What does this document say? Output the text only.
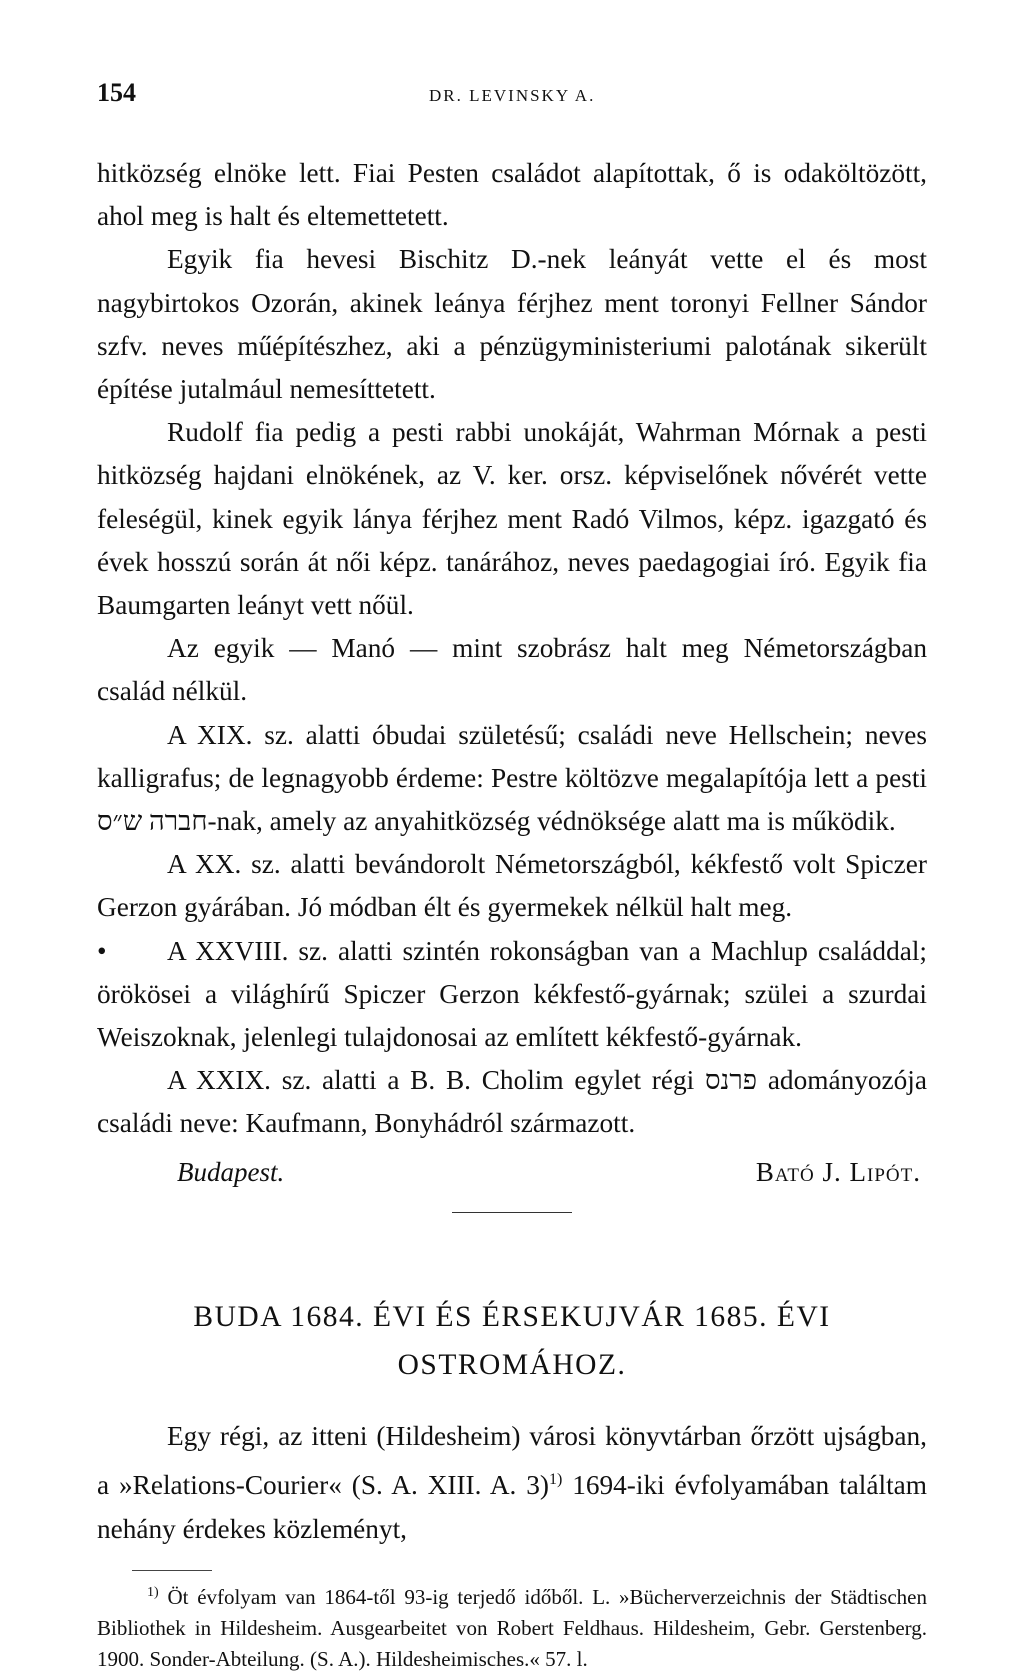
154	DR. LEVINSKY A.

hitközség elnöke lett. Fiai Pesten családot alapítottak, ő is odaköltözött, ahol meg is halt és eltemettetett.

Egyik fia hevesi Bischitz D.-nek leányát vette el és most nagybirtokos Ozorán, akinek leánya férjhez ment toronyi Fellner Sándor szfv. neves műépítészhez, aki a pénzügyministeriumi palotának sikerült építése jutalmául nemesíttetett.

Rudolf fia pedig a pesti rabbi unokáját, Wahrman Mórnak a pesti hitközség hajdani elnökének, az V. ker. orsz. képviselőnek nővérét vette feleségül, kinek egyik lánya férjhez ment Radó Vilmos, képz. igazgató és évek hosszú során át női képz. tanárához, neves paedagogiai író. Egyik fia Baumgarten leányt vett nőül.

Az egyik — Manó — mint szobrász halt meg Németországban család nélkül.

A XIX. sz. alatti óbudai születésű; családi neve Hellschein; neves kalligrafus; de legnagyobb érdeme: Pestre költözve megalapítója lett a pesti חברה ש״ס-nak, amely az anyahitközség védnöksége alatt ma is működik.

A XX. sz. alatti bevándorolt Németországból, kékfestő volt Spiczer Gerzon gyárában. Jó módban élt és gyermekek nélkül halt meg.

• A XXVIII. sz. alatti szintén rokonságban van a Machlup családdal; örökösei a világhírű Spiczer Gerzon kékfestő-gyárnak; szülei a szurdai Weiszoknak, jelenlegi tulajdonosai az említett kékfestő-gyárnak.

A XXIX. sz. alatti a B. B. Cholim egylet régi פרנס adományozója családi neve: Kaufmann, Bonyhádról származott.

Budapest.	Bató J. Lipót.
BUDA 1684. ÉVI ÉS ÉRSEKUJVÁR 1685. ÉVI
OSTROMÁHOZ.

Egy régi, az itteni (Hildesheim) városi könyvtárban őrzött ujságban, a »Relations-Courier« (S. A. XIII. A. 3)$^{1)}$ 1694-iki évfolyamában találtam nehány érdekes közleményt,

$^{1)}$ Öt évfolyam van 1864-től 93-ig terjedő időből. L. »Bücherverzeichnis der Städtischen Bibliothek in Hildesheim. Ausgearbeitet von Robert Feldhaus. Hildesheim, Gebr. Gerstenberg. 1900. Sonder-Abteilung. (S. A.). Hildesheimisches.« 57. l.
